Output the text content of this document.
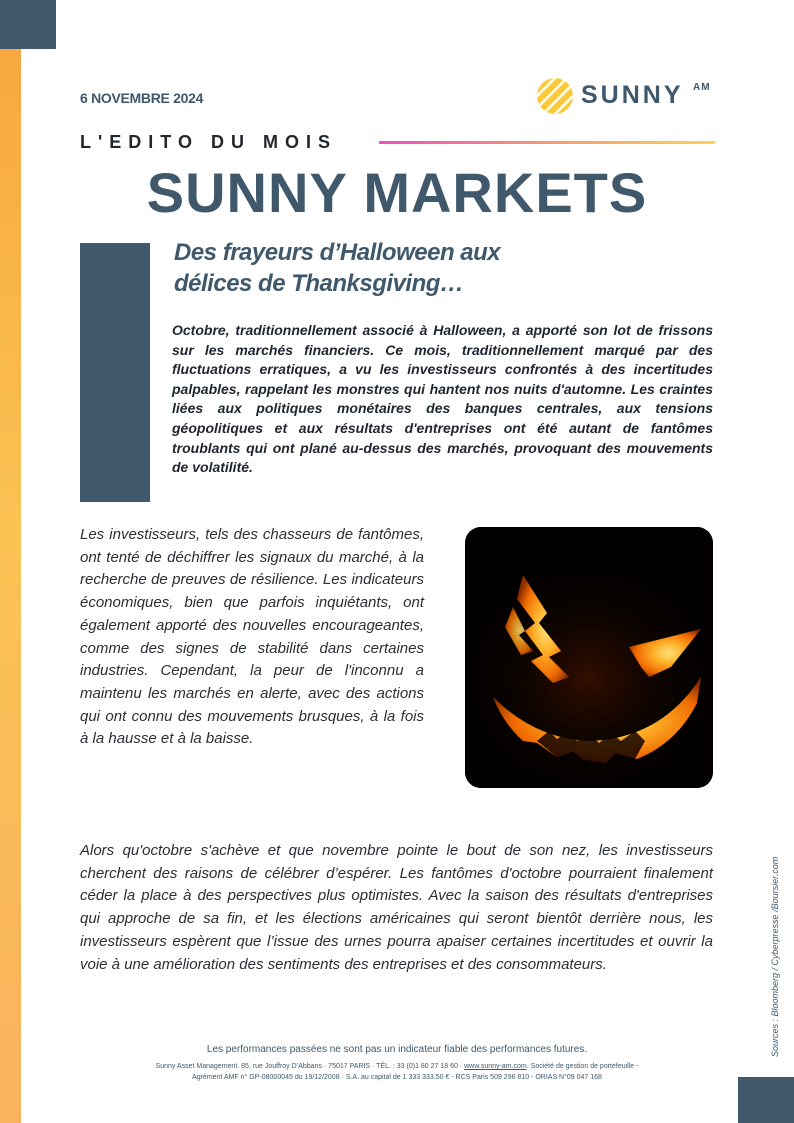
6 NOVEMBRE 2024	SUNNY AM
L'EDITO DU MOIS
SUNNY MARKETS
Des frayeurs d’Halloween aux
délices de Thanksgiving…

Octobre, traditionnellement associé à Halloween, a apporté son lot de frissons sur les marchés financiers. Ce mois, traditionnellement marqué par des fluctuations erratiques, a vu les investisseurs confrontés à des incertitudes palpables, rappelant les monstres qui hantent nos nuits d'automne. Les craintes liées aux politiques monétaires des banques centrales, aux tensions géopolitiques et aux résultats d'entreprises ont été autant de fantômes troublants qui ont plané au-dessus des marchés, provoquant des mouvements de volatilité.

Les investisseurs, tels des chasseurs de fantômes, ont tenté de déchiffrer les signaux du marché, à la recherche de preuves de résilience. Les indicateurs économiques, bien que parfois inquiétants, ont également apporté des nouvelles encourageantes, comme des signes de stabilité dans certaines industries. Cependant, la peur de l'inconnu a maintenu les marchés en alerte, avec des actions qui ont connu des mouvements brusques, à la fois à la hausse et à la baisse.

Alors qu'octobre s'achève et que novembre pointe le bout de son nez, les investisseurs cherchent des raisons de célébrer d’espérer. Les fantômes d'octobre pourraient finalement céder la place à des perspectives plus optimistes. Avec la saison des résultats d'entreprises qui approche de sa fin, et les élections américaines qui seront bientôt derrière nous, les investisseurs espèrent que l’issue des urnes pourra apaiser certaines incertitudes et ouvrir la voie à une amélioration des sentiments des entreprises et des consommateurs.

Les performances passées ne sont pas un indicateur fiable des performances futures.
Sunny Asset Management. 85, rue Jouffroy D’Abbans · 75017 PARIS · TÉL. : 33 (0)1 80 27 18 60 · www.sunny-am.com. Société de gestion de portefeuille -
Agrément AMF n° GP-08000045 du 19/12/2008 · S.A. au capital de 1 333 333.50 € - RCS Paris 509 296 810 - ORIAS N°09 047 168
Sources : Bloomberg / Cyberpresse /Boursier.com
